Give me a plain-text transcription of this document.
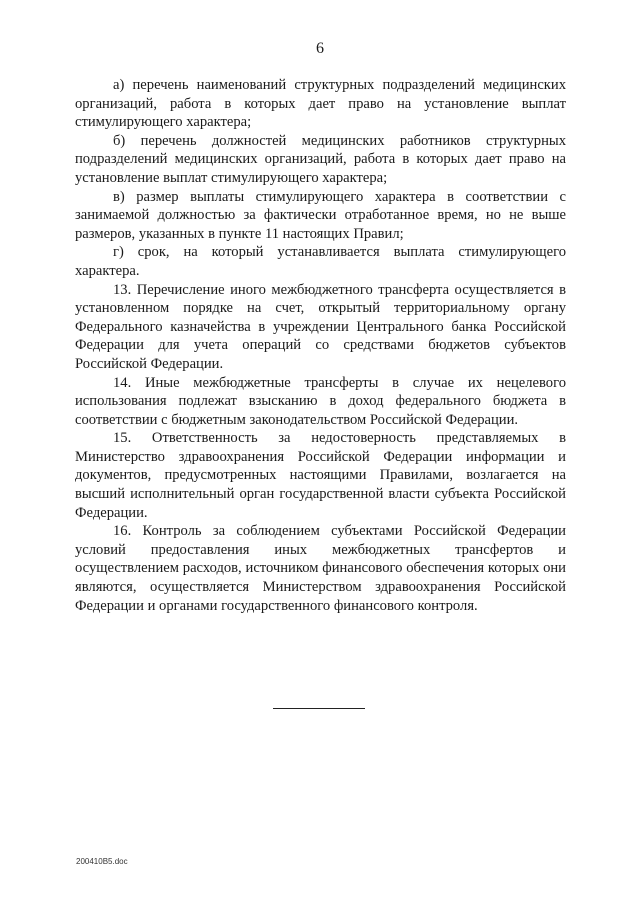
6

а) перечень наименований структурных подразделений медицинских организаций, работа в которых дает право на установление выплат стимулирующего характера;

б) перечень должностей медицинских работников структурных подразделений медицинских организаций, работа в которых дает право на установление выплат стимулирующего характера;

в) размер выплаты стимулирующего характера в соответствии с занимаемой должностью за фактически отработанное время, но не выше размеров, указанных в пункте 11 настоящих Правил;

г) срок, на который устанавливается выплата стимулирующего характера.

13. Перечисление иного межбюджетного трансферта осуществляется в установленном порядке на счет, открытый территориальному органу Федерального казначейства в учреждении Центрального банка Российской Федерации для учета операций со средствами бюджетов субъектов Российской Федерации.

14. Иные межбюджетные трансферты в случае их нецелевого использования подлежат взысканию в доход федерального бюджета в соответствии с бюджетным законодательством Российской Федерации.

15. Ответственность за недостоверность представляемых в Министерство здравоохранения Российской Федерации информации и документов, предусмотренных настоящими Правилами, возлагается на высший исполнительный орган государственной власти субъекта Российской Федерации.

16. Контроль за соблюдением субъектами Российской Федерации условий предоставления иных межбюджетных трансфертов и осуществлением расходов, источником финансового обеспечения которых они являются, осуществляется Министерством здравоохранения Российской Федерации и органами государственного финансового контроля.

200410B5.doc
